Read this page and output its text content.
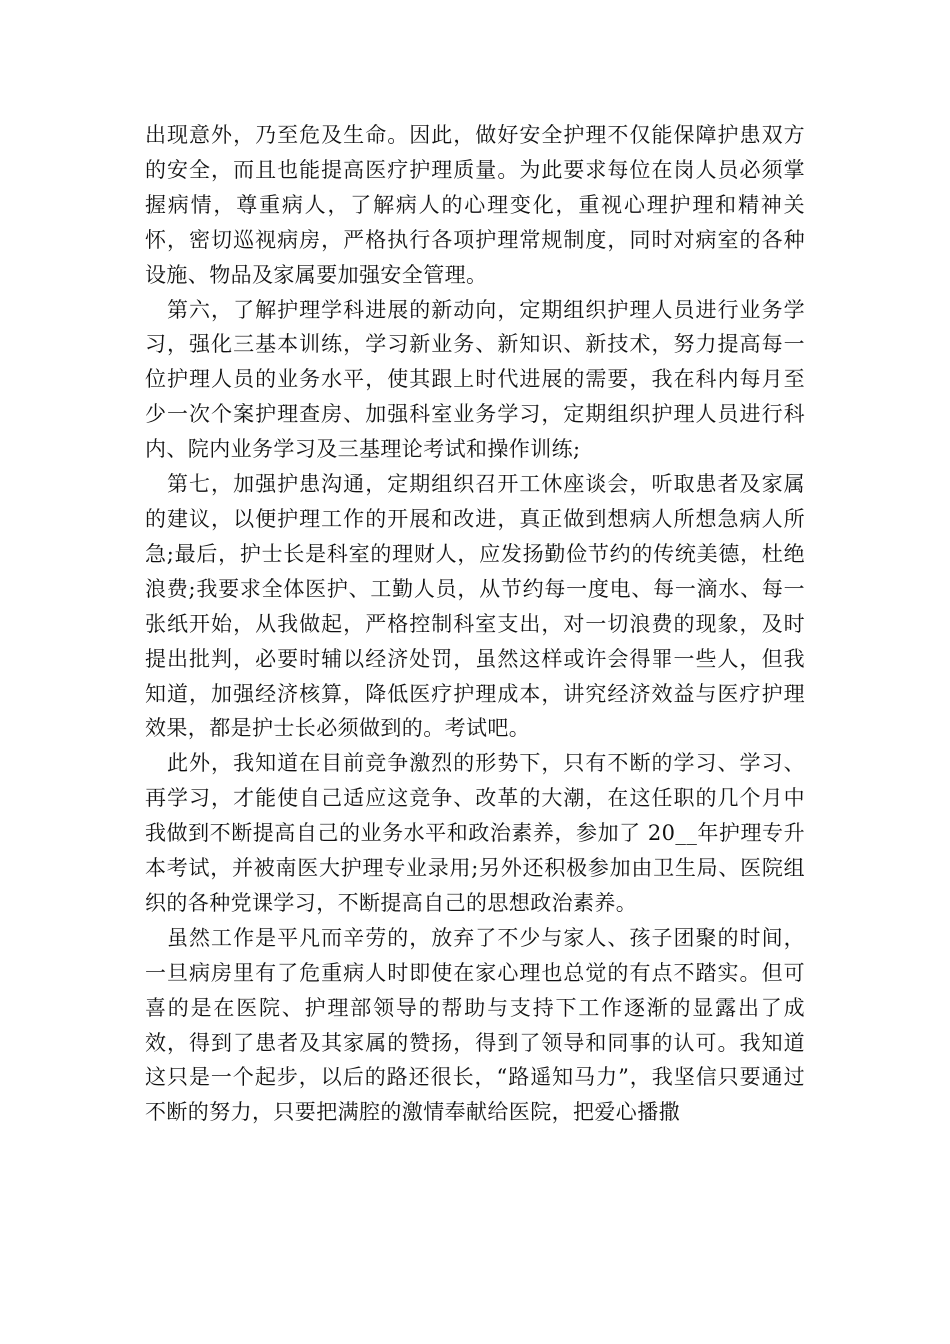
出现意外，乃至危及生命。因此，做好安全护理不仅能保障护患双方的安全，而且也能提高医疗护理质量。为此要求每位在岗人员必须掌握病情，尊重病人，了解病人的心理变化，重视心理护理和精神关怀，密切巡视病房，严格执行各项护理常规制度，同时对病室的各种设施、物品及家属要加强安全管理。

第六，了解护理学科进展的新动向，定期组织护理人员进行业务学习，强化三基本训练，学习新业务、新知识、新技术，努力提高每一位护理人员的业务水平，使其跟上时代进展的需要，我在科内每月至少一次个案护理查房、加强科室业务学习，定期组织护理人员进行科内、院内业务学习及三基理论考试和操作训练;

第七，加强护患沟通，定期组织召开工休座谈会，听取患者及家属的建议，以便护理工作的开展和改进，真正做到想病人所想急病人所急;最后，护士长是科室的理财人，应发扬勤俭节约的传统美德，杜绝浪费;我要求全体医护、工勤人员，从节约每一度电、每一滴水、每一张纸开始，从我做起，严格控制科室支出，对一切浪费的现象，及时提出批判，必要时辅以经济处罚，虽然这样或许会得罪一些人，但我知道，加强经济核算，降低医疗护理成本，讲究经济效益与医疗护理效果，都是护士长必须做到的。考试吧。

此外，我知道在目前竞争激烈的形势下，只有不断的学习、学习、再学习，才能使自己适应这竞争、改革的大潮，在这任职的几个月中我做到不断提高自己的业务水平和政治素养，参加了 20__年护理专升本考试，并被南医大护理专业录用;另外还积极参加由卫生局、医院组织的各种党课学习，不断提高自己的思想政治素养。

虽然工作是平凡而辛劳的，放弃了不少与家人、孩子团聚的时间，一旦病房里有了危重病人时即使在家心理也总觉的有点不踏实。但可喜的是在医院、护理部领导的帮助与支持下工作逐渐的显露出了成效，得到了患者及其家属的赞扬，得到了领导和同事的认可。我知道这只是一个起步，以后的路还很长，“路遥知马力”，我坚信只要通过不断的努力，只要把满腔的激情奉献给医院，把爱心播撒
